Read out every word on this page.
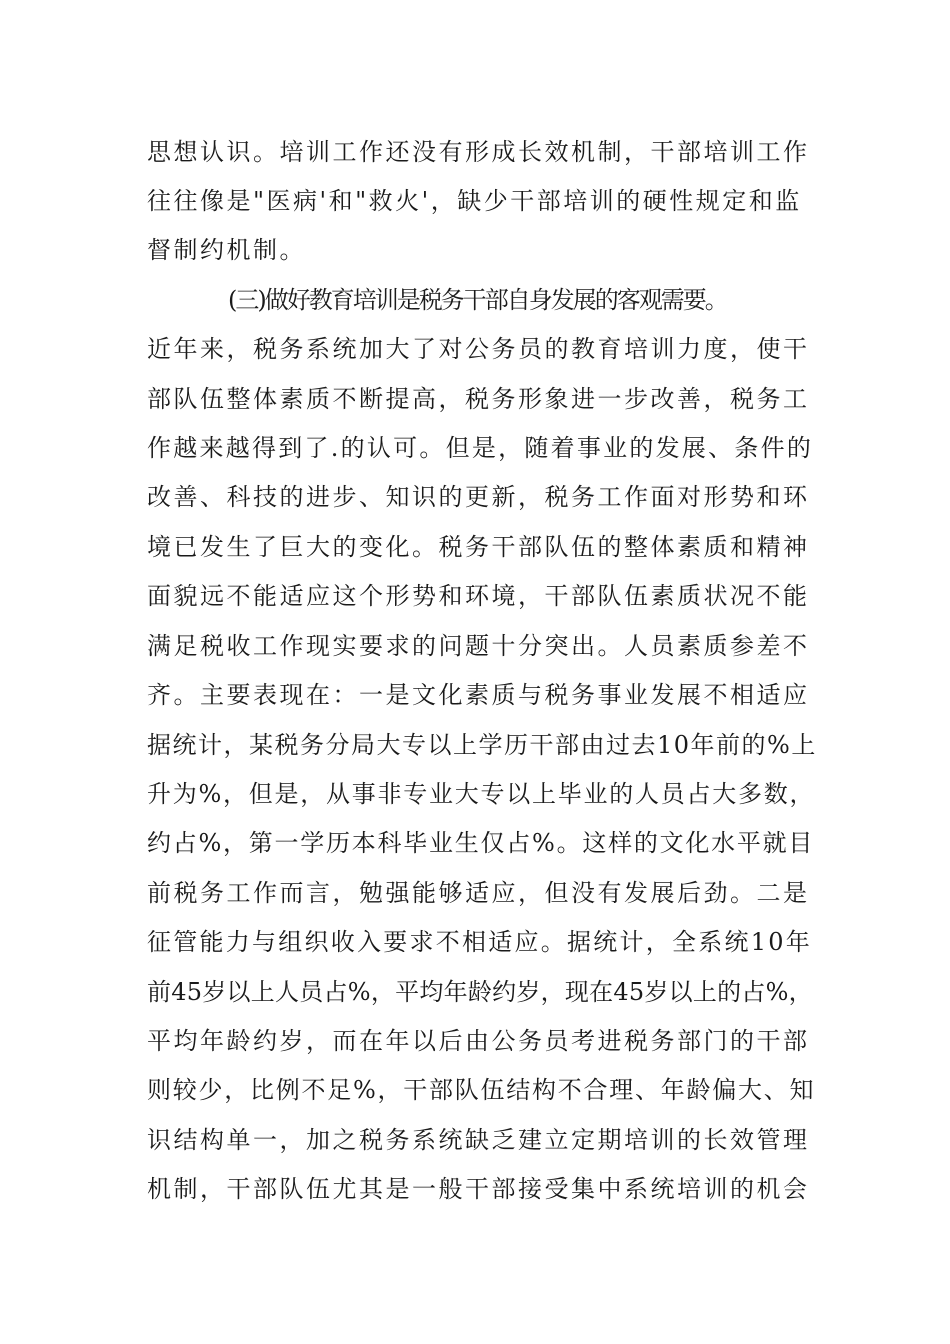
思想认识。培训工作还没有形成长效机制，干部培训工作
往往像是"医病'和"救火'，缺少干部培训的硬性规定和监
督制约机制。
(三)做好教育培训是税务干部自身发展的客观需要。
近年来，税务系统加大了对公务员的教育培训力度，使干
部队伍整体素质不断提高，税务形象进一步改善，税务工
作越来越得到了.的认可。但是，随着事业的发展、条件的
改善、科技的进步、知识的更新，税务工作面对形势和环
境已发生了巨大的变化。税务干部队伍的整体素质和精神
面貌远不能适应这个形势和环境，干部队伍素质状况不能
满足税收工作现实要求的问题十分突出。人员素质参差不
齐。主要表现在：一是文化素质与税务事业发展不相适应
据统计，某税务分局大专以上学历干部由过去10年前的%上
升为%，但是，从事非专业大专以上毕业的人员占大多数，
约占%，第一学历本科毕业生仅占%。这样的文化水平就目
前税务工作而言，勉强能够适应，但没有发展后劲。二是
征管能力与组织收入要求不相适应。据统计，全系统10年
前45岁以上人员占%，平均年龄约岁，现在45岁以上的占%，
平均年龄约岁，而在年以后由公务员考进税务部门的干部
则较少，比例不足%，干部队伍结构不合理、年龄偏大、知
识结构单一，加之税务系统缺乏建立定期培训的长效管理
机制，干部队伍尤其是一般干部接受集中系统培训的机会
